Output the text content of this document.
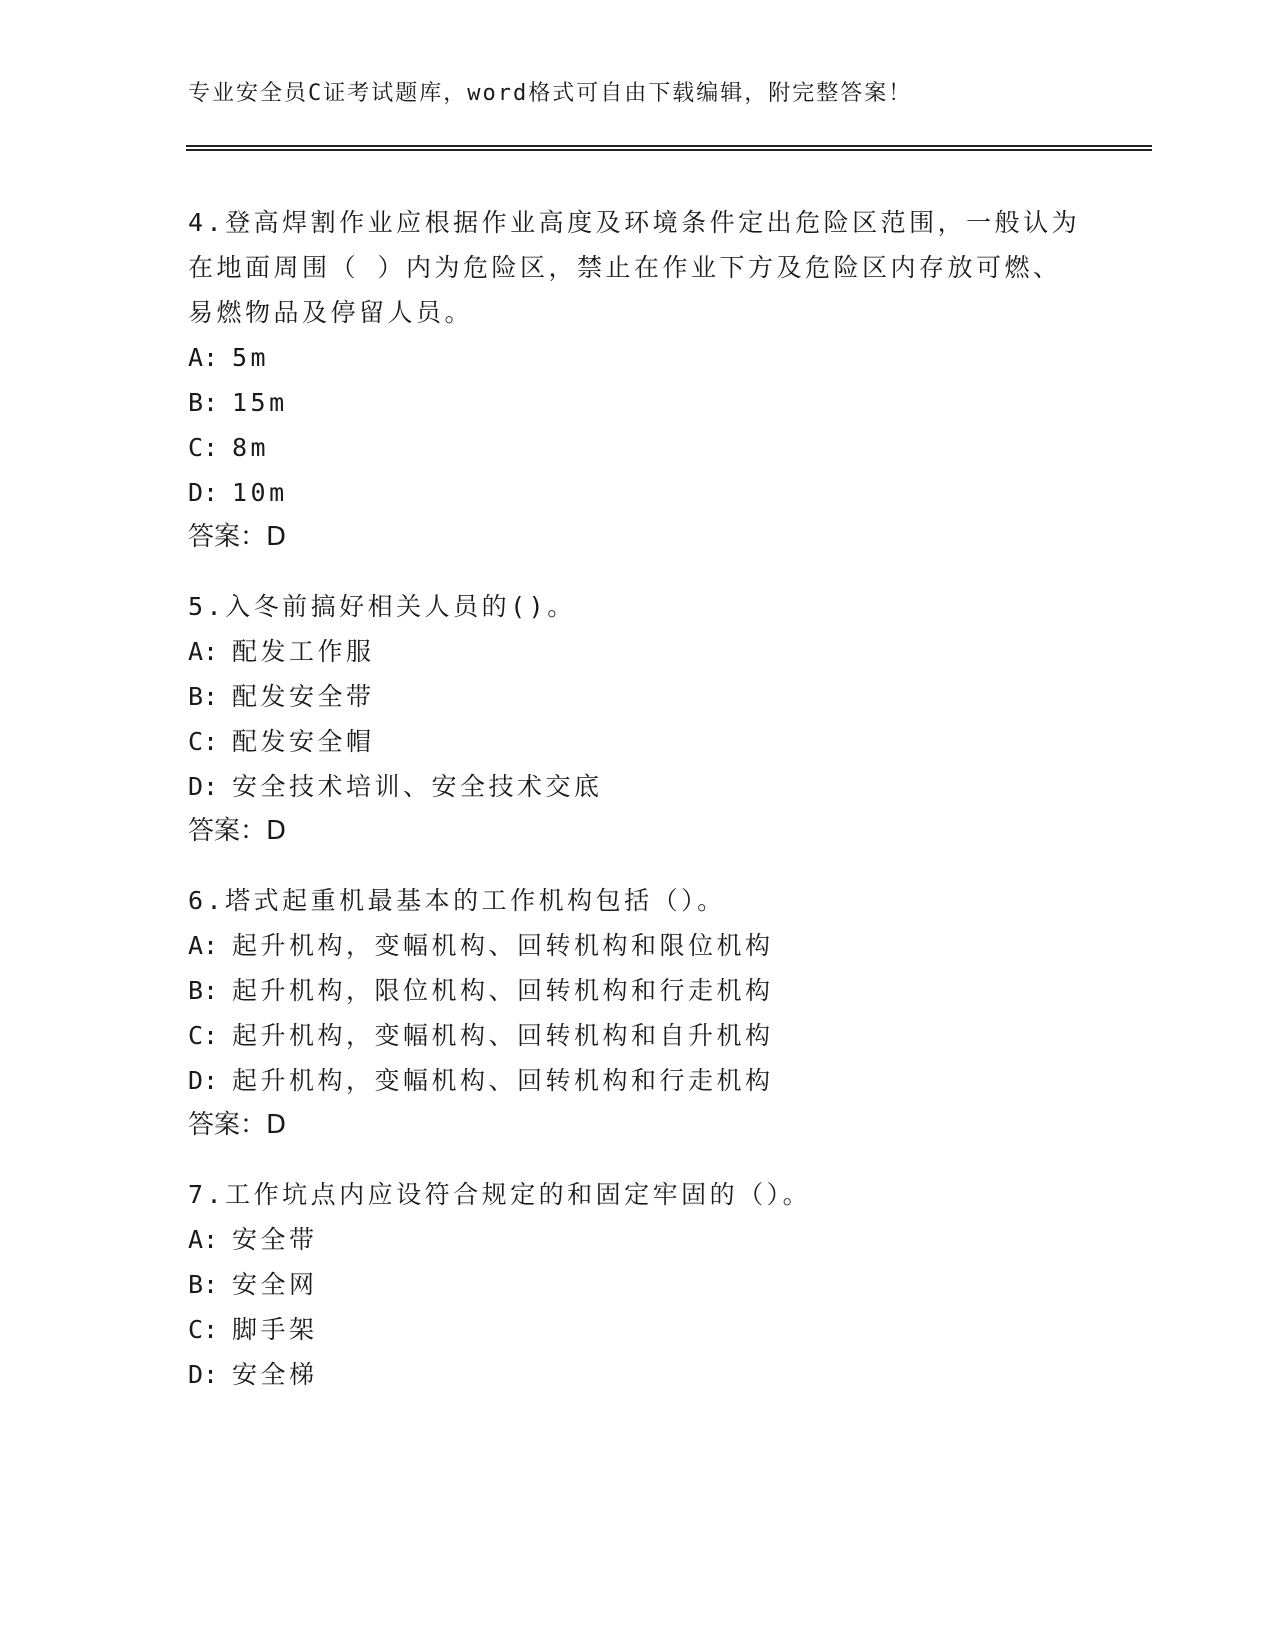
专业安全员C证考试题库，word格式可自由下载编辑，附完整答案！

4.登高焊割作业应根据作业高度及环境条件定出危险区范围，一般认为在地面周围（ ）内为危险区，禁止在作业下方及危险区内存放可燃、易燃物品及停留人员。

A: 5m
B: 15m
C: 8m
D: 10m
答案：D

5.入冬前搞好相关人员的()。

A: 配发工作服
B: 配发安全带
C: 配发安全帽
D: 安全技术培训、安全技术交底
答案：D

6.塔式起重机最基本的工作机构包括（）。

A: 起升机构，变幅机构、回转机构和限位机构
B: 起升机构，限位机构、回转机构和行走机构
C: 起升机构，变幅机构、回转机构和自升机构
D: 起升机构，变幅机构、回转机构和行走机构
答案：D

7.工作坑点内应设符合规定的和固定牢固的（）。

A: 安全带
B: 安全网
C: 脚手架
D: 安全梯
